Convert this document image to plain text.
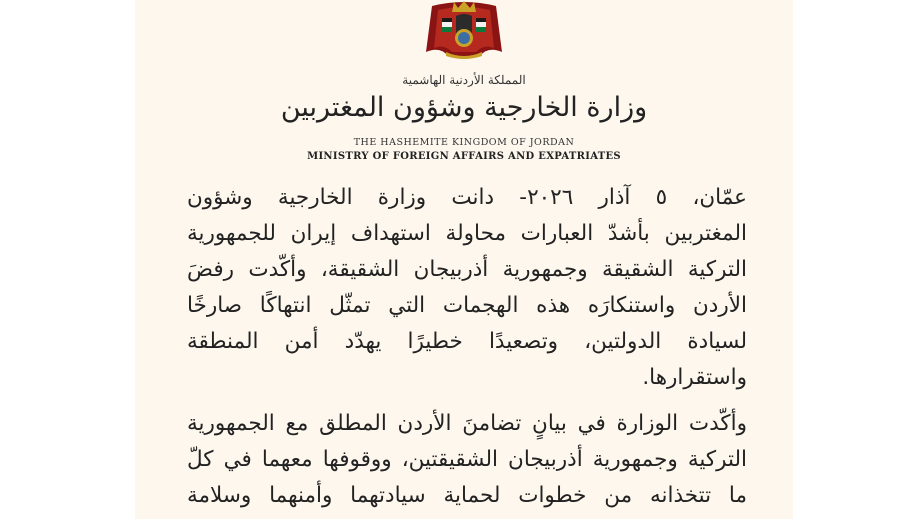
المملكة الأردنية الهاشمية
وزارة الخارجية وشؤون المغتربين
THE HASHEMITE KINGDOM OF JORDAN
MINISTRY OF FOREIGN AFFAIRS AND EXPATRIATES
عمّان، ٥ آذار ٢٠٢٦- دانت وزارة الخارجية وشؤون
المغتربين بأشدّ العبارات محاولة استهداف إيران للجمهورية
التركية الشقيقة وجمهورية أذربيجان الشقيقة، وأكّدت رفضَ
الأردن واستنكارَه هذه الهجمات التي تمثّل انتهاكًا صارخًا
لسيادة الدولتين، وتصعيدًا خطيرًا يهدّد أمن المنطقة
واستقرارها.
وأكّدت الوزارة في بيانٍ تضامنَ الأردن المطلق مع الجمهورية
التركية وجمهورية أذربيجان الشقيقتين، ووقوفها معهما في كلّ
ما تتخذانه من خطوات لحماية سيادتهما وأمنهما وسلامة
